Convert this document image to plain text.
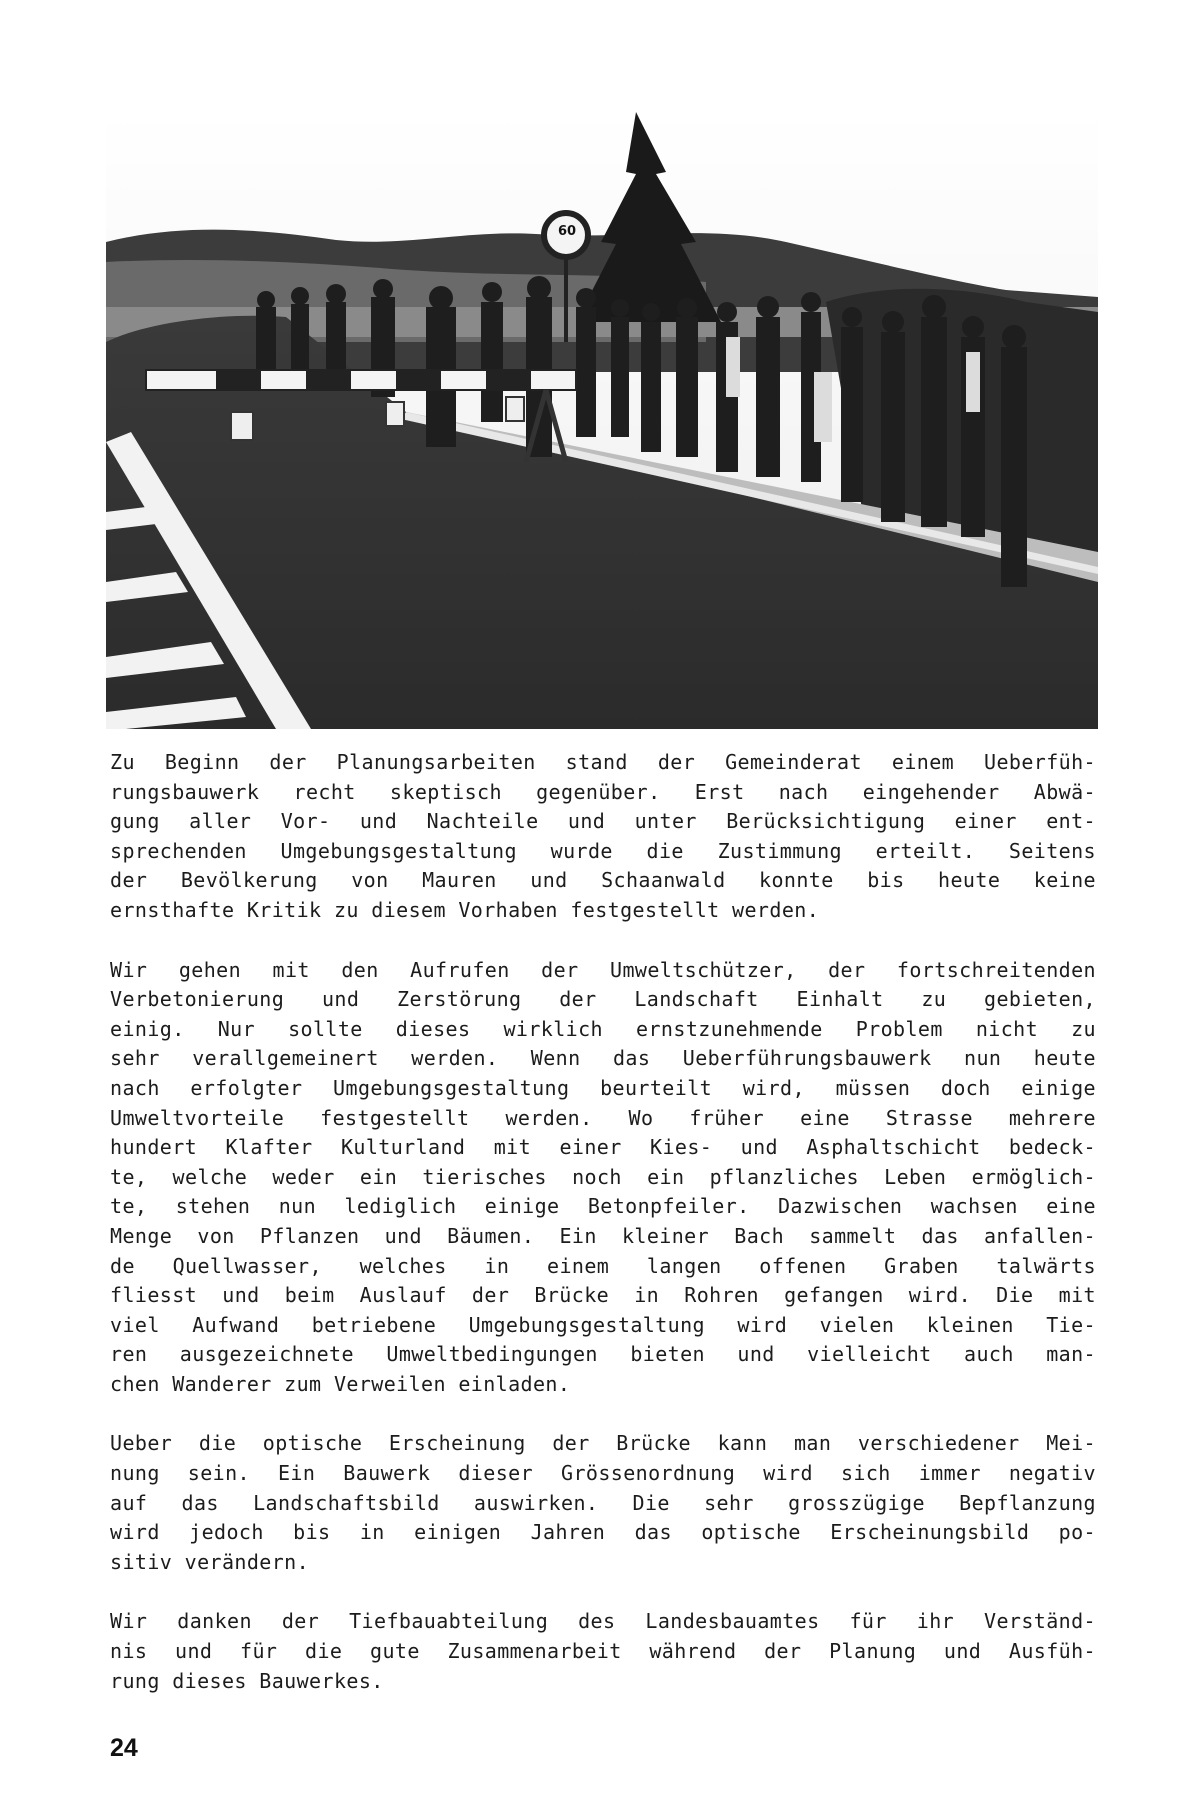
60

Zu Beginn der Planungsarbeiten stand der Gemeinderat einem Ueberfüh-
rungsbauwerk recht skeptisch gegenüber. Erst nach eingehender Abwä-
gung aller Vor- und Nachteile und unter Berücksichtigung einer ent-
sprechenden Umgebungsgestaltung wurde die Zustimmung erteilt. Seitens
der Bevölkerung von Mauren und Schaanwald konnte bis heute keine
ernsthafte Kritik zu diesem Vorhaben festgestellt werden.

Wir gehen mit den Aufrufen der Umweltschützer, der fortschreitenden
Verbetonierung und Zerstörung der Landschaft Einhalt zu gebieten,
einig. Nur sollte dieses wirklich ernstzunehmende Problem nicht zu
sehr verallgemeinert werden. Wenn das Ueberführungsbauwerk nun heute
nach erfolgter Umgebungsgestaltung beurteilt wird, müssen doch einige
Umweltvorteile festgestellt werden. Wo früher eine Strasse mehrere
hundert Klafter Kulturland mit einer Kies- und Asphaltschicht bedeck-
te, welche weder ein tierisches noch ein pflanzliches Leben ermöglich-
te, stehen nun lediglich einige Betonpfeiler. Dazwischen wachsen eine
Menge von Pflanzen und Bäumen. Ein kleiner Bach sammelt das anfallen-
de Quellwasser, welches in einem langen offenen Graben talwärts
fliesst und beim Auslauf der Brücke in Rohren gefangen wird. Die mit
viel Aufwand betriebene Umgebungsgestaltung wird vielen kleinen Tie-
ren ausgezeichnete Umweltbedingungen bieten und vielleicht auch man-
chen Wanderer zum Verweilen einladen.

Ueber die optische Erscheinung der Brücke kann man verschiedener Mei-
nung sein. Ein Bauwerk dieser Grössenordnung wird sich immer negativ
auf das Landschaftsbild auswirken. Die sehr grosszügige Bepflanzung
wird jedoch bis in einigen Jahren das optische Erscheinungsbild po-
sitiv verändern.

Wir danken der Tiefbauabteilung des Landesbauamtes für ihr Verständ-
nis und für die gute Zusammenarbeit während der Planung und Ausfüh-
rung dieses Bauwerkes.

24
